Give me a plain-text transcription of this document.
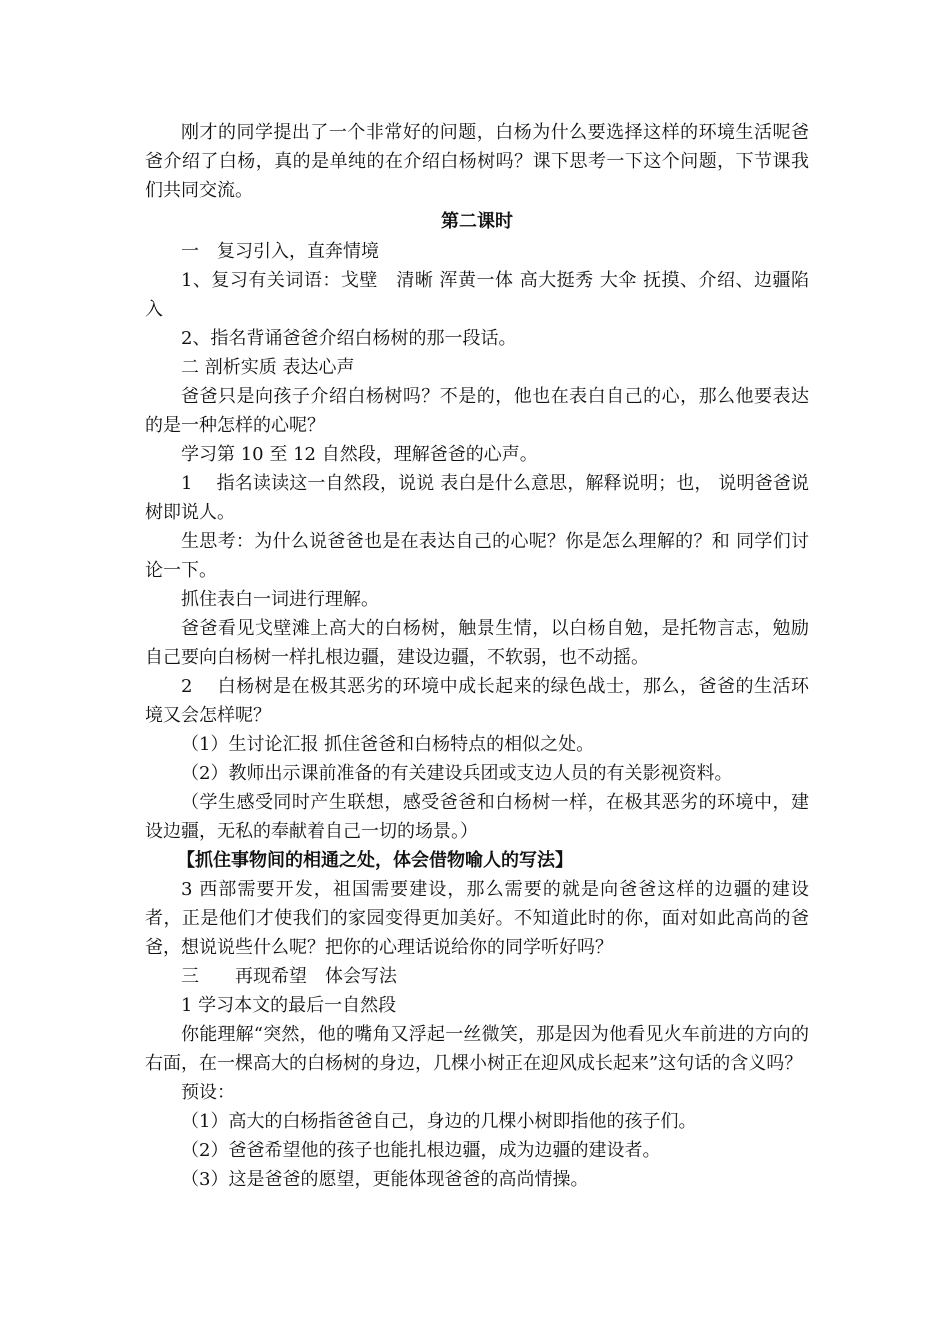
刚才的同学提出了一个非常好的问题，白杨为什么要选择这样的环境生活呢爸爸介绍了白杨，真的是单纯的在介绍白杨树吗？课下思考一下这个问题，下节课我们共同交流。

第二课时

一　复习引入，直奔情境

1、复习有关词语：戈壁　清晰 浑黄一体 高大挺秀 大伞 抚摸、介绍、边疆陷入

2、指名背诵爸爸介绍白杨树的那一段话。

二 剖析实质 表达心声

爸爸只是向孩子介绍白杨树吗？不是的，他也在表白自己的心，那么他要表达的是一种怎样的心呢？

学习第 10 至 12 自然段，理解爸爸的心声。

1　 指名读读这一自然段，说说 表白是什么意思，解释说明；也， 说明爸爸说树即说人。

生思考：为什么说爸爸也是在表达自己的心呢？你是怎么理解的？和 同学们讨论一下。

抓住表白一词进行理解。

爸爸看见戈壁滩上高大的白杨树，触景生情，以白杨自勉，是托物言志，勉励自己要向白杨树一样扎根边疆，建设边疆，不软弱，也不动摇。

2　 白杨树是在极其恶劣的环境中成长起来的绿色战士，那么，爸爸的生活环境又会怎样呢？

（1）生讨论汇报 抓住爸爸和白杨特点的相似之处。

（2）教师出示课前准备的有关建设兵团或支边人员的有关影视资料。

（学生感受同时产生联想，感受爸爸和白杨树一样，在极其恶劣的环境中，建设边疆，无私的奉献着自己一切的场景。）

【抓住事物间的相通之处，体会借物喻人的写法】

3 西部需要开发，祖国需要建设，那么需要的就是向爸爸这样的边疆的建设者，正是他们才使我们的家园变得更加美好。不知道此时的你，面对如此高尚的爸爸，想说说些什么呢？把你的心理话说给你的同学听好吗？

三　　再现希望　体会写法

1 学习本文的最后一自然段

你能理解“突然，他的嘴角又浮起一丝微笑，那是因为他看见火车前进的方向的右面，在一棵高大的白杨树的身边，几棵小树正在迎风成长起来”这句话的含义吗？

预设：

（1）高大的白杨指爸爸自己，身边的几棵小树即指他的孩子们。

（2）爸爸希望他的孩子也能扎根边疆，成为边疆的建设者。

（3）这是爸爸的愿望，更能体现爸爸的高尚情操。
